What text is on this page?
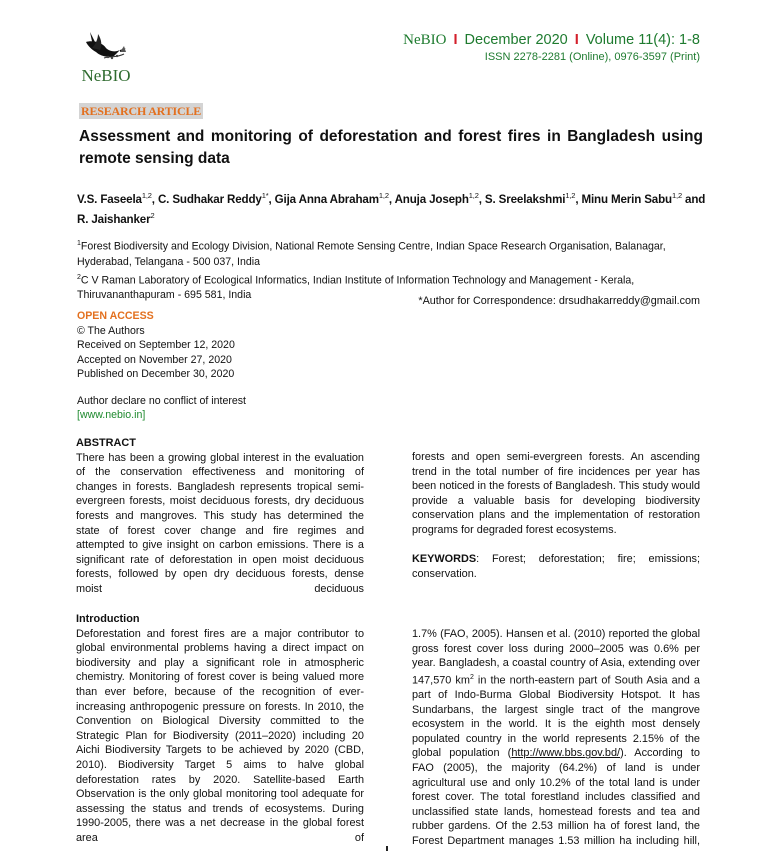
NeBIO
NeBIO I December 2020 I Volume 11(4): 1-8
ISSN 2278-2281 (Online), 0976-3597 (Print)
RESEARCH ARTICLE
Assessment and monitoring of deforestation and forest fires in Bangladesh using remote sensing data
V.S. Faseela$^{1,2}$, C. Sudhakar Reddy$^{1*}$, Gija Anna Abraham$^{1,2}$, Anuja Joseph$^{1,2}$, S. Sreelakshmi$^{1,2}$, Minu Merin Sabu$^{1,2}$ and
R. Jaishanker$^2$
$^1$Forest Biodiversity and Ecology Division, National Remote Sensing Centre, Indian Space Research Organisation, Balanagar, Hyderabad, Telangana - 500 037, India
$^2$C V Raman Laboratory of Ecological Informatics, Indian Institute of Information Technology and Management - Kerala, Thiruvananthapuram - 695 581, India	*Author for Correspondence: drsudhakarreddy@gmail.com
OPEN ACCESS
© The Authors
Received on September 12, 2020
Accepted on November 27, 2020
Published on December 30, 2020
Author declare no conflict of interest
[www.nebio.in]
ABSTRACT
There has been a growing global interest in the evaluation of the conservation effectiveness and monitoring of changes in forests. Bangladesh represents tropical semi-evergreen forests, moist deciduous forests, dry deciduous forests and mangroves. This study has determined the state of forest cover change and fire regimes and attempted to give insight on carbon emissions. There is a significant rate of deforestation in open moist deciduous forests, followed by open dry deciduous forests, dense moist deciduous
forests and open semi-evergreen forests. An ascending trend in the total number of fire incidences per year has been noticed in the forests of Bangladesh. This study would provide a valuable basis for developing biodiversity conservation plans and the implementation of restoration programs for degraded forest ecosystems.
KEYWORDS: Forest; deforestation; fire; emissions; conservation.
Introduction
Deforestation and forest fires are a major contributor to global environmental problems having a direct impact on biodiversity and play a significant role in atmospheric chemistry. Monitoring of forest cover is being valued more than ever before, because of the recognition of ever-increasing anthropogenic pressure on forests. In 2010, the Convention on Biological Diversity committed to the Strategic Plan for Biodiversity (2011–2020) including 20 Aichi Biodiversity Targets to be achieved by 2020 (CBD, 2010). Biodiversity Target 5 aims to halve global deforestation rates by 2020. Satellite-based Earth Observation is the only global monitoring tool adequate for assessing the status and trends of ecosystems. During 1990-2005, there was a net decrease in the global forest area of
1.7% (FAO, 2005). Hansen et al. (2010) reported the global gross forest cover loss during 2000–2005 was 0.6% per year. Bangladesh, a coastal country of Asia, extending over 147,570 $km^2$ in the north-eastern part of South Asia and a part of Indo-Burma Global Biodiversity Hotspot. It has Sundarbans, the largest single tract of the mangrove ecosystem in the world. It is the eighth most densely populated country in the world represents 2.15% of the global population (http://www.bbs.gov.bd/). According to FAO (2005), the majority (64.2%) of land is under agricultural use and only 10.2% of the total land is under forest cover. The total forestland includes classified and unclassified state lands, homestead forests and tea and rubber gardens. Of the 2.53 million ha of forest land, the Forest Department manages 1.53 million ha including hill,
